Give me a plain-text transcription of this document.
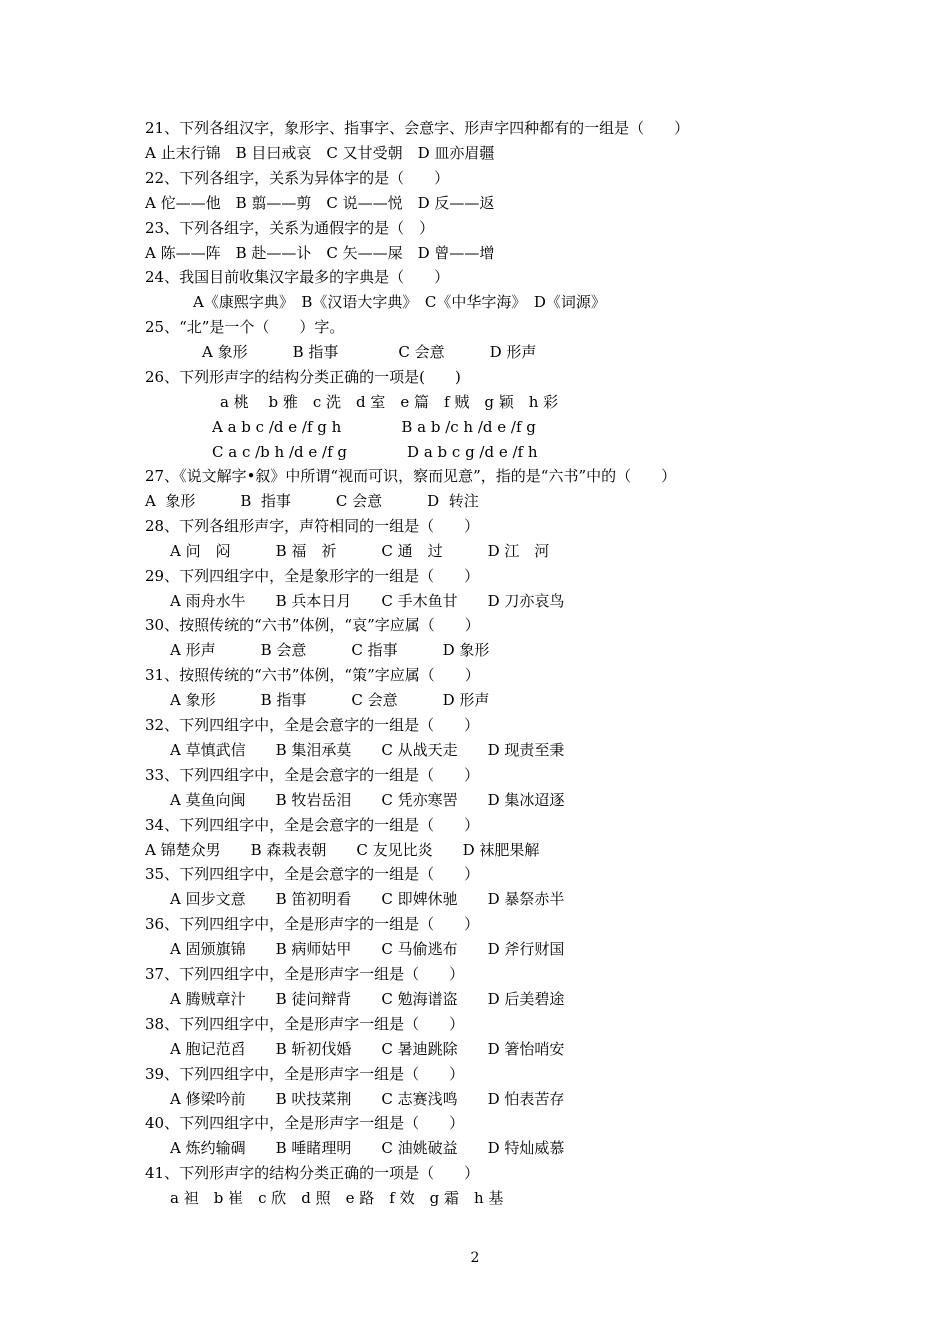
21、下列各组汉字，象形字、指事字、会意字、形声字四种都有的一组是（　　）
A 止末行锦　B 目曰戒哀　C 又甘受朝　D 皿亦眉疆
22、下列各组字，关系为异体字的是（　　）
A 佗——他　B 翦——剪　C 说——悦　D 反——返
23、下列各组字，关系为通假字的是（　）
A 陈——阵　B 赴——讣　C 矢——屎　D 曾——增
24、我国目前收集汉字最多的字典是（　　）
A《康熙字典》　B《汉语大字典》　C《中华字海》　D《词源》
25、“北”是一个（　　）字。
A 象形　　　B 指事　　　　C 会意　　　D 形声
26、下列形声字的结构分类正确的一项是(　　)
a 桃　 b 雅　c 洗　d 室　e 篇　f 贼　g 颖　h 彩
A a b c /d e /f g h　　　　B a b /c h /d e /f g
C a c /b h /d e /f g　　　　D a b c g /d e /f h
27、《说文解字•叙》中所谓“视而可识，察而见意”，指的是“六书”中的（　　）
A  象形　　　B  指事　　　C 会意　　　D  转注
28、下列各组形声字，声符相同的一组是（　　）
A 问　闷　　　B 福　祈　　　C 通　过　　　D 江　河
29、下列四组字中，全是象形字的一组是（　　）
A 雨舟水牛　　B 兵本日月　　C 手木鱼甘　　D 刀亦哀鸟
30、按照传统的“六书”体例，“哀”字应属（　　）
A 形声　　　B 会意　　　C 指事　　　D 象形
31、按照传统的“六书”体例，“策”字应属（　　）
A 象形　　　B 指事　　　C 会意　　　D 形声
32、下列四组字中，全是会意字的一组是（　　）
A 草慎武信　　B 集泪承莫　　C 从战天走　　D 现责至秉
33、下列四组字中，全是会意字的一组是（　　）
A 莫鱼向闽　　B 牧岩岳泪　　C 凭亦寒罟　　D 集冰迢逐
34、下列四组字中，全是会意字的一组是（　　）
A 锦楚众男　　B 森栽表朝　　C 友见比炎　　D 袜肥果解
35、下列四组字中，全是会意字的一组是（　　）
A 回步文意　　B 笛初明看　　C 即婢休驰　　D 暴祭赤半
36、下列四组字中，全是形声字的一组是（　　）
A 固颁旗锦　　B 病师姑甲　　C 马偷逃布　　D 斧行财国
37、下列四组字中，全是形声字一组是（　　）
A 腾贼章汁　　B 徒问辩背　　C 勉海谱盗　　D 后美碧途
38、下列四组字中，全是形声字一组是（　　）
A 胞记范舀　　B 斩初伐婚　　C 暑迪跳除　　D 箸怡哨安
39、下列四组字中，全是形声字一组是（　　）
A 修梁吟前　　B 吠技菜荆　　C 志赛浅鸣　　D 怕表苦存
40、下列四组字中，全是形声字一组是（　　）
A 炼约输碉　　B 唾睹理明　　C 油姚破益　　D 特灿威慕
41、下列形声字的结构分类正确的一项是（　　）
a 袒　b 崔　c 欣　d 照　e 路　f 效　g 霜　h 基
2
